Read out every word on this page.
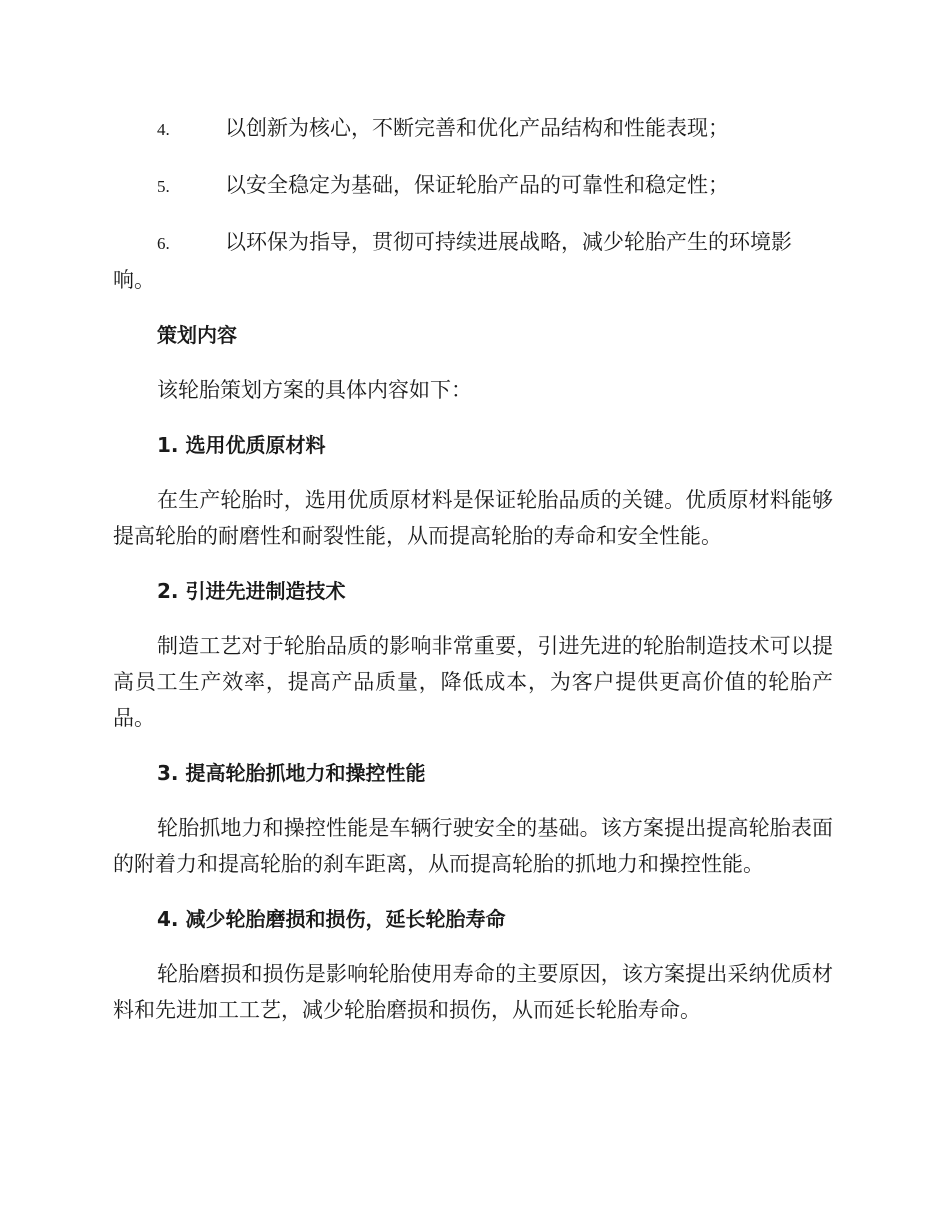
4.	以创新为核心，不断完善和优化产品结构和性能表现；
5.	以安全稳定为基础，保证轮胎产品的可靠性和稳定性；
6.	以环保为指导，贯彻可持续进展战略，减少轮胎产生的环境影响。
策划内容
该轮胎策划方案的具体内容如下：
1. 选用优质原材料
在生产轮胎时，选用优质原材料是保证轮胎品质的关键。优质原材料能够提高轮胎的耐磨性和耐裂性能，从而提高轮胎的寿命和安全性能。
2. 引进先进制造技术
制造工艺对于轮胎品质的影响非常重要，引进先进的轮胎制造技术可以提高员工生产效率，提高产品质量，降低成本，为客户提供更高价值的轮胎产品。
3. 提高轮胎抓地力和操控性能
轮胎抓地力和操控性能是车辆行驶安全的基础。该方案提出提高轮胎表面的附着力和提高轮胎的刹车距离，从而提高轮胎的抓地力和操控性能。
4. 减少轮胎磨损和损伤，延长轮胎寿命
轮胎磨损和损伤是影响轮胎使用寿命的主要原因，该方案提出采纳优质材料和先进加工工艺，减少轮胎磨损和损伤，从而延长轮胎寿命。
